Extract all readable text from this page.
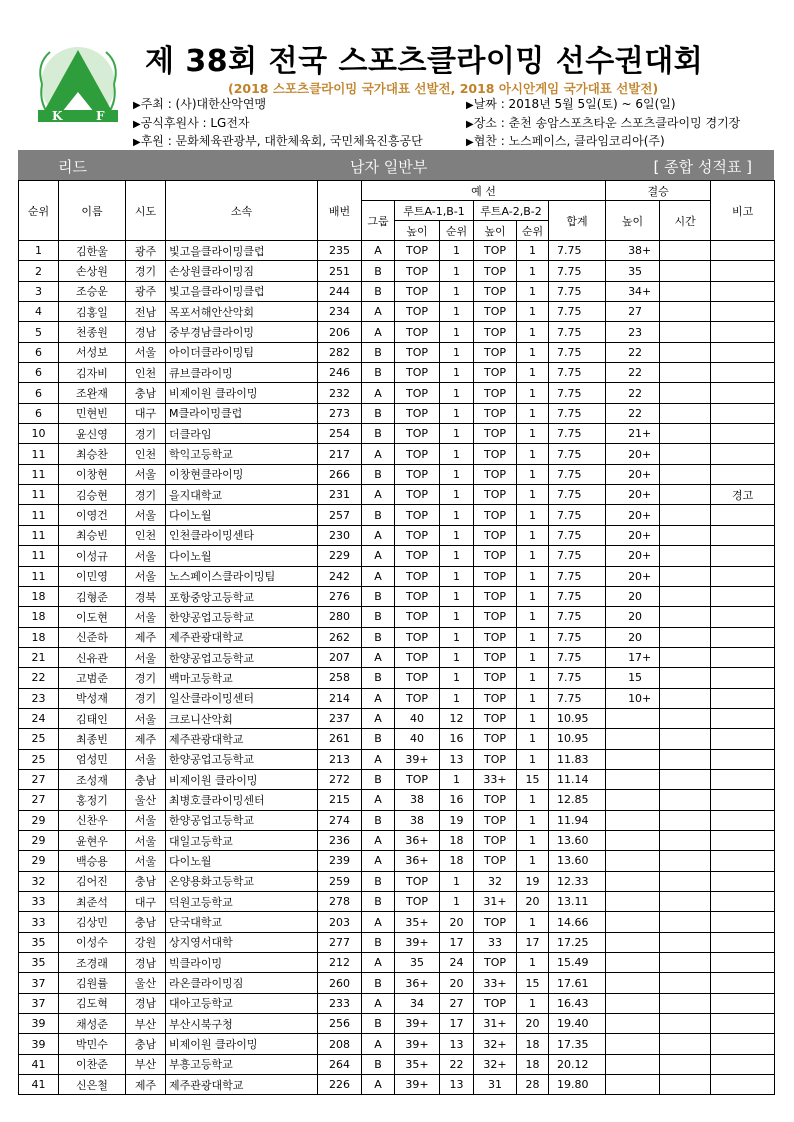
K	F
제 38회 전국 스포츠클라이밍 선수권대회
(2018 스포츠클라이밍 국가대표 선발전, 2018 아시안게임 국가대표 선발전)
▶ 주최 : (사)대한산악연맹
▶ 공식후원사 : LG전자
▶ 후원 : 문화체육관광부, 대한체육회, 국민체육진흥공단
▶ 날짜 : 2018년 5월 5일(토) ~ 6일(일)
▶ 장소 : 춘천 송암스포츠타운 스포츠클라이밍 경기장
▶ 협찬 : 노스페이스, 클라임코리아(주)
리드	남자 일반부	[ 종합 성적표 ]
순위	이름	시도	소속	배번	예 선						결승		비고
					그룹	루트A-1,B-1		루트A-2,B-2		합계	높이	시간	
						높이	순위	높이	순위				
1	김한울	광주	빛고을클라이밍클럽	235	A	TOP	1	TOP	1	7.75	38+		
2	손상원	경기	손상원클라이밍짐	251	B	TOP	1	TOP	1	7.75	35		
3	조승운	광주	빛고을클라이밍클럽	244	B	TOP	1	TOP	1	7.75	34+		
4	김홍일	전남	목포서해안산악회	234	A	TOP	1	TOP	1	7.75	27		
5	천종원	경남	중부경남클라이밍	206	A	TOP	1	TOP	1	7.75	23		
6	서성보	서울	아이더클라이밍팀	282	B	TOP	1	TOP	1	7.75	22		
6	김자비	인천	큐브클라이밍	246	B	TOP	1	TOP	1	7.75	22		
6	조완재	충남	비제이원 클라이밍	232	A	TOP	1	TOP	1	7.75	22		
6	민현빈	대구	M클라이밍클럽	273	B	TOP	1	TOP	1	7.75	22		
10	윤신영	경기	더클라임	254	B	TOP	1	TOP	1	7.75	21+		
11	최승찬	인천	학익고등학교	217	A	TOP	1	TOP	1	7.75	20+		
11	이창현	서울	이창현클라이밍	266	B	TOP	1	TOP	1	7.75	20+		
11	김승현	경기	을지대학교	231	A	TOP	1	TOP	1	7.75	20+		경고
11	이영건	서울	다이노월	257	B	TOP	1	TOP	1	7.75	20+		
11	최승빈	인천	인천클라이밍센타	230	A	TOP	1	TOP	1	7.75	20+		
11	이성규	서울	다이노월	229	A	TOP	1	TOP	1	7.75	20+		
11	이민영	서울	노스페이스클라이밍팀	242	A	TOP	1	TOP	1	7.75	20+		
18	김형준	경북	포항중앙고등학교	276	B	TOP	1	TOP	1	7.75	20		
18	이도현	서울	한양공업고등학교	280	B	TOP	1	TOP	1	7.75	20		
18	신준하	제주	제주관광대학교	262	B	TOP	1	TOP	1	7.75	20		
21	신유관	서울	한양공업고등학교	207	A	TOP	1	TOP	1	7.75	17+		
22	고범준	경기	백마고등학교	258	B	TOP	1	TOP	1	7.75	15		
23	박성재	경기	일산클라이밍센터	214	A	TOP	1	TOP	1	7.75	10+		
24	김태인	서울	크로니산악회	237	A	40	12	TOP	1	10.95			
25	최종빈	제주	제주관광대학교	261	B	40	16	TOP	1	10.95			
25	엄성민	서울	한양공업고등학교	213	A	39+	13	TOP	1	11.83			
27	조성재	충남	비제이원 클라이밍	272	B	TOP	1	33+	15	11.14			
27	홍정기	울산	최병호클라이밍센터	215	A	38	16	TOP	1	12.85			
29	신찬우	서울	한양공업고등학교	274	B	38	19	TOP	1	11.94			
29	윤현우	서울	대일고등학교	236	A	36+	18	TOP	1	13.60			
29	백승용	서울	다이노월	239	A	36+	18	TOP	1	13.60			
32	김어진	충남	온양용화고등학교	259	B	TOP	1	32	19	12.33			
33	최준석	대구	덕원고등학교	278	B	TOP	1	31+	20	13.11			
33	김상민	충남	단국대학교	203	A	35+	20	TOP	1	14.66			
35	이성수	강원	상지영서대학	277	B	39+	17	33	17	17.25			
35	조경래	경남	빅클라이밍	212	A	35	24	TOP	1	15.49			
37	김원률	울산	라온클라이밍짐	260	B	36+	20	33+	15	17.61			
37	김도혁	경남	대아고등학교	233	A	34	27	TOP	1	16.43			
39	채성준	부산	부산시북구청	256	B	39+	17	31+	20	19.40			
39	박민수	충남	비제이원 클라이밍	208	A	39+	13	32+	18	17.35			
41	이찬준	부산	부흥고등학교	264	B	35+	22	32+	18	20.12			
41	신은철	제주	제주관광대학교	226	A	39+	13	31	28	19.80			
